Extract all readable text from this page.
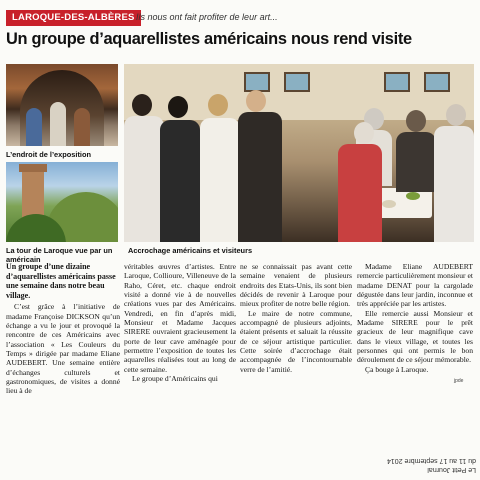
LAROQUE-DES-ALBÈRES Ils nous ont fait profiter de leur art...
Un groupe d’aquarellistes américains nous rend visite
L’endroit de l’exposition
La tour de Laroque vue par un américain
Accrochage américains et visiteurs

Un groupe d’une dizaine d’aquarellistes américains passe une semaine dans notre beau village.

C’est grâce à l’initiative de madame Françoise DICKSON qu’un échange a vu le jour et provoqué la rencontre de ces Américains avec l’association « Les Couleurs du Temps » dirigée par madame Eliane AUDEBERT. Une semaine entière d’échanges culturels et gastronomiques, de visites a donné lieu à de

véritables œuvres d’artistes. Entre Laroque, Collioure, Villeneuve de la Raho, Céret, etc. chaque endroit visité a donné vie à de nouvelles créations vues par des Américains. Vendredi, en fin d’après midi, Monsieur et Madame Jacques SIRERE ouvraient gracieusement la porte de leur cave aménagée pour permettre l’exposition de toutes les aquarelles réalisées tout au long de cette semaine.

Le groupe d’Américains qui

ne se connaissait pas avant cette semaine venaient de plusieurs endroits des Etats-Unis, ils sont bien décidés de revenir à Laroque pour mieux profiter de notre belle région.

Le maire de notre commune, accompagné de plusieurs adjoints, étaient présents et saluait la réussite de ce séjour artistique particulier. Cette soirée d’accrochage était accompagnée de l’incontournable verre de l’amitié.

Madame Eliane AUDEBERT remercie particulièrement monsieur et madame DENAT pour la cargolade dégustée dans leur jardin, inconnue et très appréciée par les artistes.

Elle remercie aussi Monsieur et Madame SIRERE pour le prêt gracieux de leur magnifique cave dans le vieux village, et toutes les personnes qui ont permis le bon déroulement de ce séjour mémorable.

Ça bouge à Laroque.

jpde
Le Petit Journal
du 11 au 17 septembre 2014
